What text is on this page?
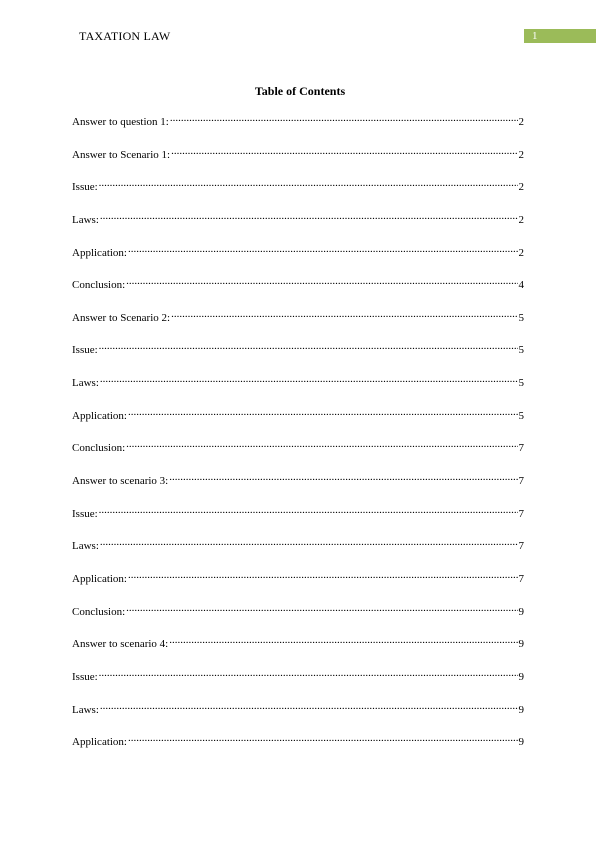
TAXATION LAW	1
Table of Contents
Answer to question 1: .....	2
Answer to Scenario 1: .....	2
Issue: .....	2
Laws: .....	2
Application: .....	2
Conclusion: .....	4
Answer to Scenario 2: .....	5
Issue: .....	5
Laws: .....	5
Application: .....	5
Conclusion: .....	7
Answer to scenario 3: .....	7
Issue: .....	7
Laws: .....	7
Application: .....	7
Conclusion: .....	9
Answer to scenario 4: .....	9
Issue: .....	9
Laws: .....	9
Application: .....	9
